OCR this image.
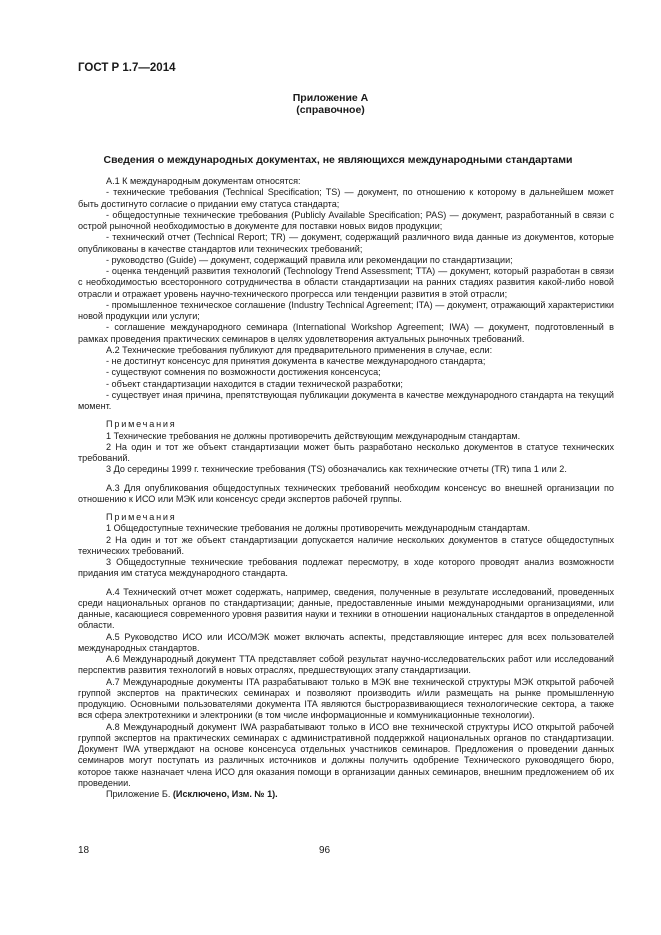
ГОСТ Р 1.7—2014
Приложение А
(справочное)
Сведения о международных документах, не являющихся международными стандартами

А.1 К международным документам относятся:

- технические требования (Technical Specification; TS) — документ, по отношению к которому в дальнейшем может быть достигнуто согласие о придании ему статуса стандарта;

- общедоступные технические требования (Publicly Available Specification; PAS) — документ, разработанный в связи с острой рыночной необходимостью в документе для поставки новых видов продукции;

- технический отчет (Technical Report; TR) — документ, содержащий различного вида данные из документов, которые опубликованы в качестве стандартов или технических требований;

- руководство (Guide) — документ, содержащий правила или рекомендации по стандартизации;

- оценка тенденций развития технологий (Technology Trend Assessment; TTA) — документ, который разработан в связи с необходимостью всесторонного сотрудничества в области стандартизации на ранних стадиях развития какой-либо новой отрасли и отражает уровень научно-технического прогресса или тенденции развития в этой отрасли;

- промышленное техническое соглашение (Industry Technical Agreement; ITA) — документ, отражающий характеристики новой продукции или услуги;

- соглашение международного семинара (International Workshop Agreement; IWA) — документ, подготовленный в рамках проведения практических семинаров в целях удовлетворения актуальных рыночных требований.

А.2 Технические требования публикуют для предварительного применения в случае, если:

- не достигнут консенсус для принятия документа в качестве международного стандарта;

- существуют сомнения по возможности достижения консенсуса;

- объект стандартизации находится в стадии технической разработки;

- существует иная причина, препятствующая публикации документа в качестве международного стандарта на текущий момент.

Примечания

1 Технические требования не должны противоречить действующим международным стандартам.

2 На один и тот же объект стандартизации может быть разработано несколько документов в статусе технических требований.

3 До середины 1999 г. технические требования (TS) обозначались как технические отчеты (TR) типа 1 или 2.

А.3 Для опубликования общедоступных технических требований необходим консенсус во внешней организации по отношению к ИСО или МЭК или консенсус среди экспертов рабочей группы.

Примечания

1 Общедоступные технические требования не должны противоречить международным стандартам.

2 На один и тот же объект стандартизации допускается наличие нескольких документов в статусе общедоступных технических требований.

3 Общедоступные технические требования подлежат пересмотру, в ходе которого проводят анализ возможности придания им статуса международного стандарта.

А.4 Технический отчет может содержать, например, сведения, полученные в результате исследований, проведенных среди национальных органов по стандартизации; данные, предоставленные иными международными организациями, или данные, касающиеся современного уровня развития науки и техники в отношении национальных стандартов в определенной области.

А.5 Руководство ИСО или ИСО/МЭК может включать аспекты, представляющие интерес для всех пользователей международных стандартов.

А.6 Международный документ TTA представляет собой результат научно-исследовательских работ или исследований перспектив развития технологий в новых отраслях, предшествующих этапу стандартизации.

А.7 Международные документы ITA разрабатывают только в МЭК вне технической структуры МЭК открытой рабочей группой экспертов на практических семинарах и позволяют производить и/или размещать на рынке промышленную продукцию. Основными пользователями документа ITA являются быстроразвивающиеся технологические сектора, а также вся сфера электротехники и электроники (в том числе информационные и коммуникационные технологии).

А.8 Международный документ IWA разрабатывают только в ИСО вне технической структуры ИСО открытой рабочей группой экспертов на практических семинарах с административной поддержкой национальных органов по стандартизации. Документ IWA утверждают на основе консенсуса отдельных участников семинаров. Предложения о проведении данных семинаров могут поступать из различных источников и должны получить одобрение Технического руководящего бюро, которое также назначает члена ИСО для оказания помощи в организации данных семинаров, внешним предложением об их проведении.

Приложение Б. (Исключено, Изм. № 1).

18	96
